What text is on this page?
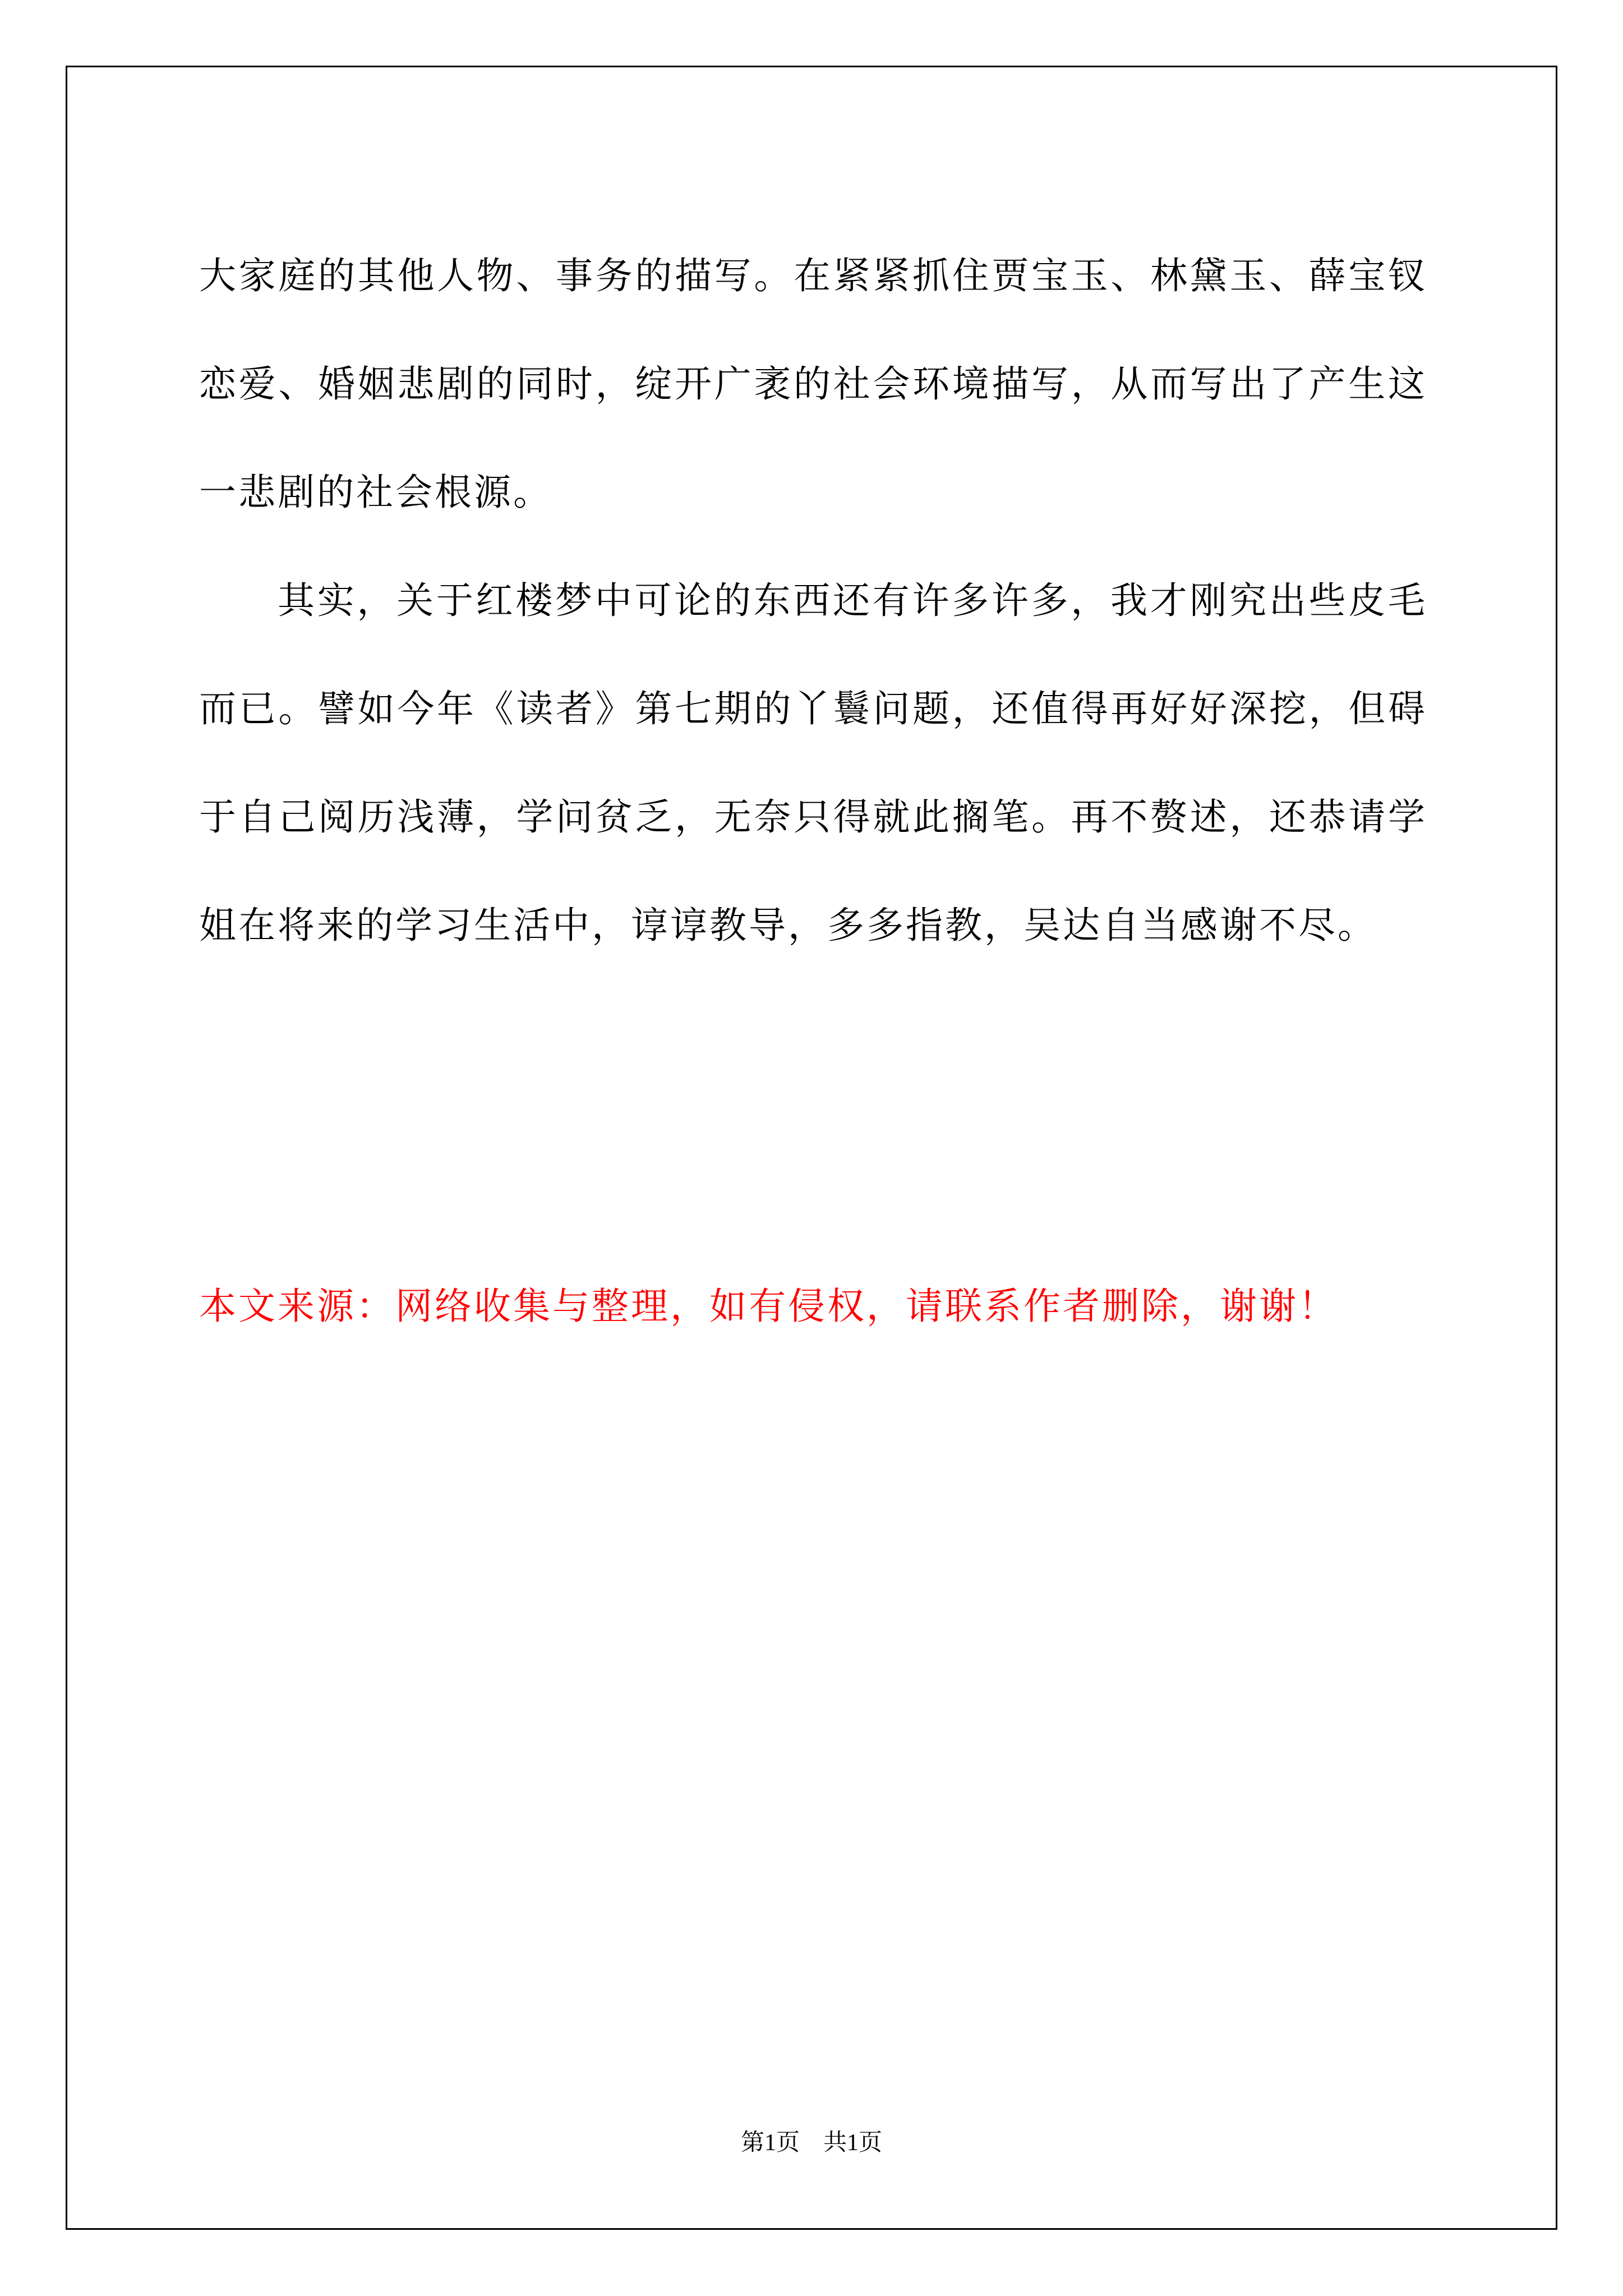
大家庭的其他人物、事务的描写。在紧紧抓住贾宝玉、林黛玉、薛宝钗恋爱、婚姻悲剧的同时，绽开广袤的社会环境描写，从而写出了产生这一悲剧的社会根源。

其实，关于红楼梦中可论的东西还有许多许多，我才刚究出些皮毛而已。譬如今年《读者》第七期的丫鬟问题，还值得再好好深挖，但碍于自己阅历浅薄，学问贫乏，无奈只得就此搁笔。再不赘述，还恭请学姐在将来的学习生活中，谆谆教导，多多指教，吴达自当感谢不尽。

本文来源：网络收集与整理，如有侵权，请联系作者删除，谢谢！

第1页　共1页
